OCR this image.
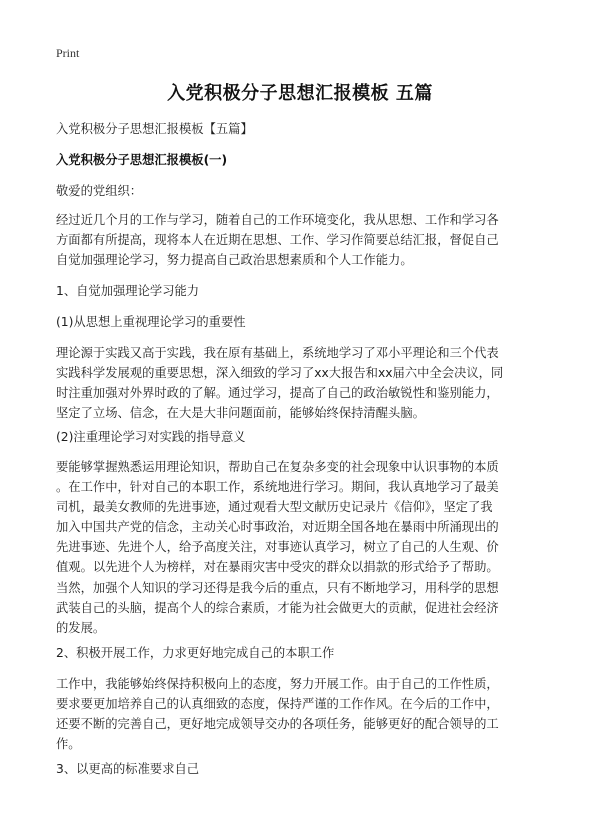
Print
入党积极分子思想汇报模板 五篇

入党积极分子思想汇报模板【五篇】

入党积极分子思想汇报模板(一)

敬爱的党组织：

经过近几个月的工作与学习，随着自己的工作环境变化，我从思想、工作和学习各
方面都有所提高，现将本人在近期在思想、工作、学习作简要总结汇报，督促自己
自觉加强理论学习，努力提高自己政治思想素质和个人工作能力。

1、自觉加强理论学习能力

(1)从思想上重视理论学习的重要性

理论源于实践又高于实践，我在原有基础上，系统地学习了邓小平理论和三个代表
实践科学发展观的重要思想，深入细致的学习了xx大报告和xx届六中全会决议，同
时注重加强对外界时政的了解。通过学习，提高了自己的政治敏锐性和鉴别能力，
坚定了立场、信念，在大是大非问题面前，能够始终保持清醒头脑。

(2)注重理论学习对实践的指导意义

要能够掌握熟悉运用理论知识，帮助自己在复杂多变的社会现象中认识事物的本质
。在工作中，针对自己的本职工作，系统地进行学习。期间，我认真地学习了最美
司机，最美女教师的先进事迹，通过观看大型文献历史记录片《信仰》，坚定了我
加入中国共产党的信念，主动关心时事政治，对近期全国各地在暴雨中所涌现出的
先进事迹、先进个人，给予高度关注，对事迹认真学习，树立了自己的人生观、价
值观。以先进个人为榜样，对在暴雨灾害中受灾的群众以捐款的形式给予了帮助。
当然，加强个人知识的学习还得是我今后的重点，只有不断地学习，用科学的思想
武装自己的头脑，提高个人的综合素质，才能为社会做更大的贡献，促进社会经济
的发展。

2、积极开展工作，力求更好地完成自己的本职工作

工作中，我能够始终保持积极向上的态度，努力开展工作。由于自己的工作性质，
要求要更加培养自己的认真细致的态度，保持严谨的工作作风。在今后的工作中，
还要不断的完善自己，更好地完成领导交办的各项任务，能够更好的配合领导的工
作。

3、以更高的标准要求自己
